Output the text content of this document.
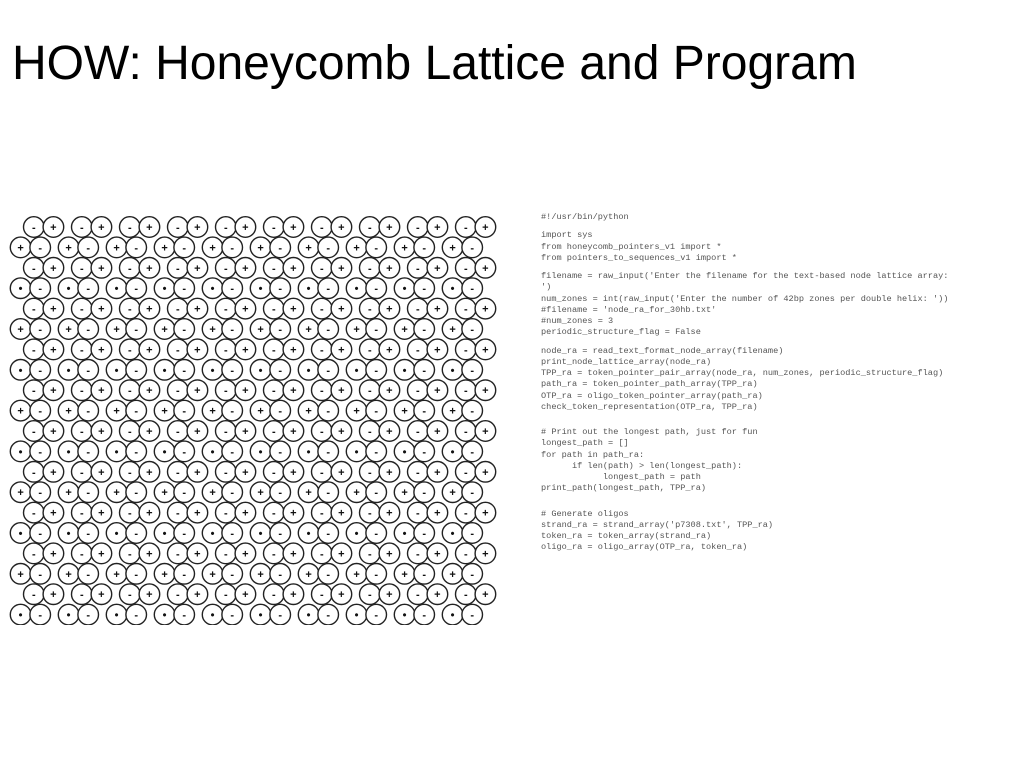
HOW: Honeycomb Lattice and Program
- + - + - + - + - + - + - + - + - + - +
+ - + - + - + - + - + - + - + - + - + -
- + - + - + - + - + - + - + - + - + - +
• - • - • - • - • - • - • - • - • - • -
- + - + - + - + - + - + - + - + - + - +
+ - + - + - + - + - + - + - + - + - + -
- + - + - + - + - + - + - + - + - + - +
• - • - • - • - • - • - • - • - • - • -
- + - + - + - + - + - + - + - + - + - +
+ - + - + - + - + - + - + - + - + - + -
- + - + - + - + - + - + - + - + - + - +
• - • - • - • - • - • - • - • - • - • -
- + - + - + - + - + - + - + - + - + - +
+ - + - + - + - + - + - + - + - + - + -
- + - + - + - + - + - + - + - + - + - +
• - • - • - • - • - • - • - • - • - • -
- + - + - + - + - + - + - + - + - + - +
+ - + - + - + - + - + - + - + - + - + -
- + - + - + - + - + - + - + - + - + - +
• - • - • - • - • - • - • - • - • - • -
#!/usr/bin/python
import sys
from honeycomb_pointers_v1 import *
from pointers_to_sequences_v1 import *
filename = raw_input('Enter the filename for the text-based node lattice array:
')
num_zones = int(raw_input('Enter the number of 42bp zones per double helix: '))
#filename = 'node_ra_for_30hb.txt'
#num_zones = 3
periodic_structure_flag = False
node_ra = read_text_format_node_array(filename)
print_node_lattice_array(node_ra)
TPP_ra = token_pointer_pair_array(node_ra, num_zones, periodic_structure_flag)
path_ra = token_pointer_path_array(TPP_ra)
OTP_ra = oligo_token_pointer_array(path_ra)
check_token_representation(OTP_ra, TPP_ra)
# Print out the longest path, just for fun
longest_path = []
for path in path_ra:
if len(path) > len(longest_path):
longest_path = path
print_path(longest_path, TPP_ra)
# Generate oligos
strand_ra = strand_array('p7308.txt', TPP_ra)
token_ra = token_array(strand_ra)
oligo_ra = oligo_array(OTP_ra, token_ra)
